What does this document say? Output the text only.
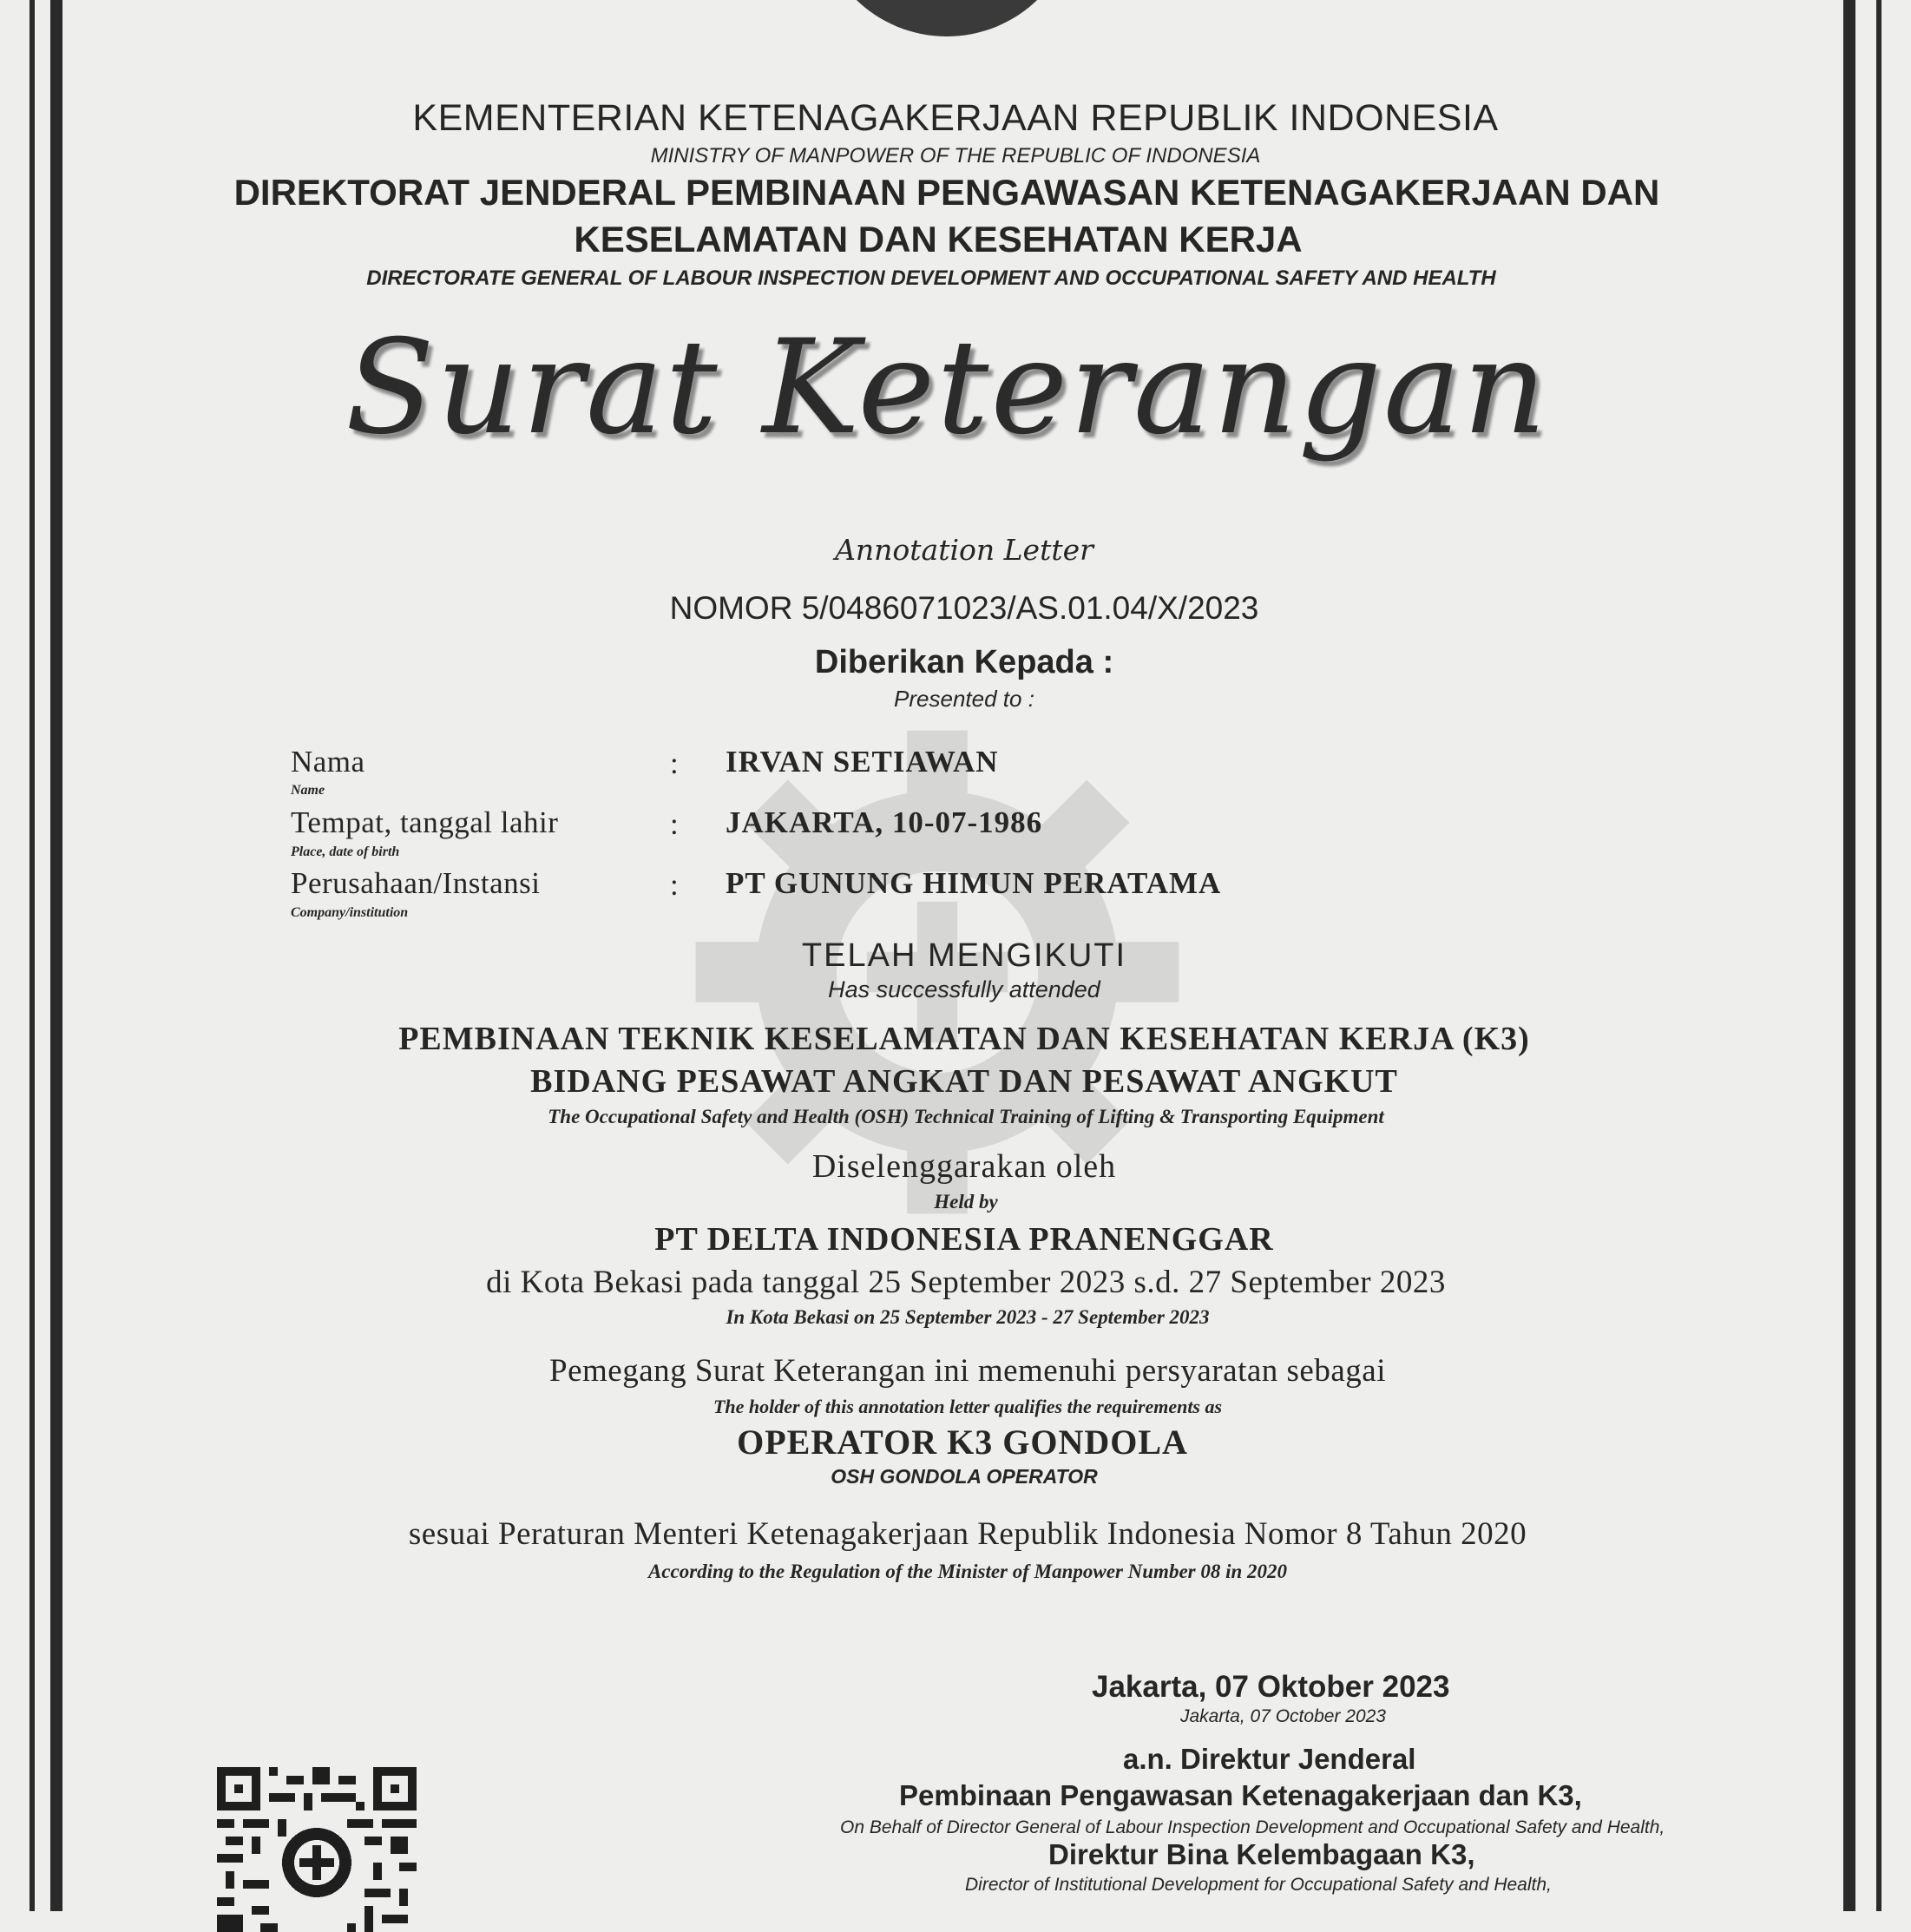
KEMENTERIAN KETENAGAKERJAAN REPUBLIK INDONESIA
MINISTRY OF MANPOWER OF THE REPUBLIC OF INDONESIA
DIREKTORAT JENDERAL PEMBINAAN PENGAWASAN KETENAGAKERJAAN DAN
KESELAMATAN DAN KESEHATAN KERJA
DIRECTORATE GENERAL OF LABOUR INSPECTION DEVELOPMENT AND OCCUPATIONAL SAFETY AND HEALTH
Surat Keterangan
Annotation Letter
NOMOR 5/0486071023/AS.01.04/X/2023
Diberikan Kepada :
Presented to :
Nama
Name
: IRVAN SETIAWAN
Tempat, tanggal lahir
Place, date of birth
: JAKARTA, 10-07-1986
Perusahaan/Instansi
Company/institution
: PT GUNUNG HIMUN PERATAMA
TELAH MENGIKUTI
Has successfully attended
PEMBINAAN TEKNIK KESELAMATAN DAN KESEHATAN KERJA (K3)
BIDANG PESAWAT ANGKAT DAN PESAWAT ANGKUT
The Occupational Safety and Health (OSH) Technical Training of Lifting & Transporting Equipment
Diselenggarakan oleh
Held by
PT DELTA INDONESIA PRANENGGAR
di Kota Bekasi pada tanggal 25 September 2023 s.d. 27 September 2023
In Kota Bekasi on 25 September 2023 - 27 September 2023
Pemegang Surat Keterangan ini memenuhi persyaratan sebagai
The holder of this annotation letter qualifies the requirements as
OPERATOR K3 GONDOLA
OSH GONDOLA OPERATOR
sesuai Peraturan Menteri Ketenagakerjaan Republik Indonesia Nomor 8 Tahun 2020
According to the Regulation of the Minister of Manpower Number 08 in 2020
Jakarta, 07 Oktober 2023
Jakarta, 07 October 2023
a.n. Direktur Jenderal
Pembinaan Pengawasan Ketenagakerjaan dan K3,
On Behalf of Director General of Labour Inspection Development and Occupational Safety and Health,
Direktur Bina Kelembagaan K3,
Director of Institutional Development for Occupational Safety and Health,
